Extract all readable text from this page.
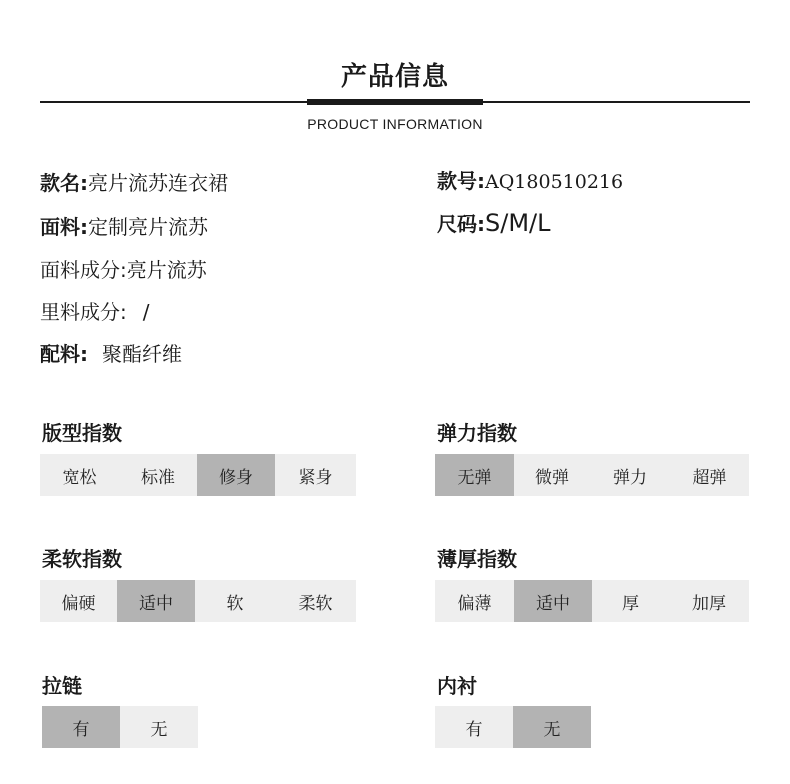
产品信息
PRODUCT INFORMATION
款名:亮片流苏连衣裙	款号:AQ180510216
面料:定制亮片流苏	尺码:S/M/L
面料成分:亮片流苏
里料成分: /
配料: 聚酯纤维
版型指数
宽松	标准	修身	紧身
弹力指数
无弹	微弹	弹力	超弹
柔软指数
偏硬	适中	软	柔软
薄厚指数
偏薄	适中	厚	加厚
拉链
有	无
内衬
有	无
